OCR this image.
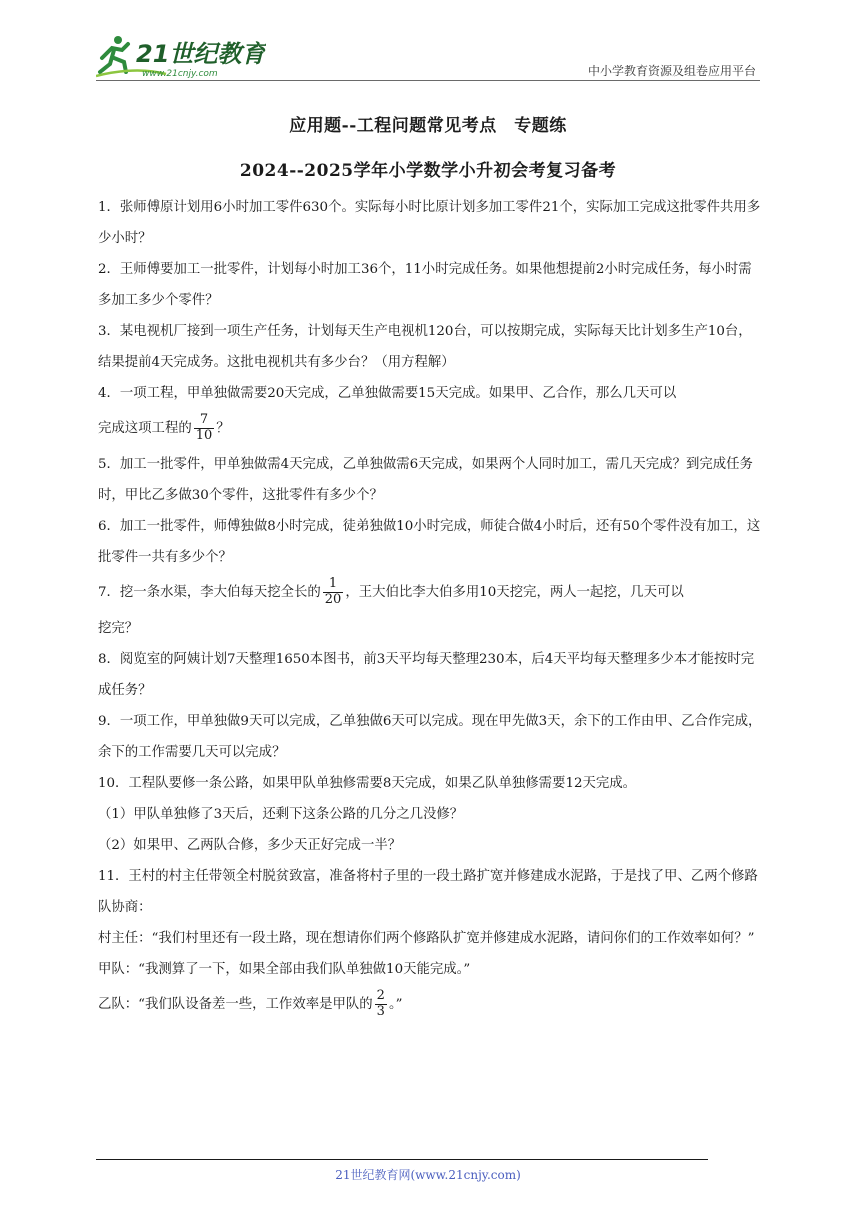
21世纪教育
www.21cnjy.com	中小学教育资源及组卷应用平台
应用题--工程问题常见考点　专题练
2024--2025学年小学数学小升初会考复习备考

1．张师傅原计划用6小时加工零件630个。实际每小时比原计划多加工零件21个，实际加工完成这批零件共用多少小时？

2．王师傅要加工一批零件，计划每小时加工36个，11小时完成任务。如果他想提前2小时完成任务，每小时需多加工多少个零件？

3．某电视机厂接到一项生产任务，计划每天生产电视机120台，可以按期完成，实际每天比计划多生产10台，结果提前4天完成务。这批电视机共有多少台？（用方程解）

4．一项工程，甲单独做需要20天完成，乙单独做需要15天完成。如果甲、乙合作，那么几天可以
完成这项工程的 $\frac{7}{10}$ ？

5．加工一批零件，甲单独做需4天完成，乙单独做需6天完成，如果两个人同时加工，需几天完成？到完成任务时，甲比乙多做30个零件，这批零件有多少个？

6．加工一批零件，师傅独做8小时完成，徒弟独做10小时完成，师徒合做4小时后，还有50个零件没有加工，这批零件一共有多少个？

7．挖一条水渠，李大伯每天挖全长的 $\frac{1}{20}$ ，王大伯比李大伯多用10天挖完，两人一起挖，几天可以
挖完？

8．阅览室的阿姨计划7天整理1650本图书，前3天平均每天整理230本，后4天平均每天整理多少本才能按时完成任务？

9．一项工作，甲单独做9天可以完成，乙单独做6天可以完成。现在甲先做3天，余下的工作由甲、乙合作完成，余下的工作需要几天可以完成？

10．工程队要修一条公路，如果甲队单独修需要8天完成，如果乙队单独修需要12天完成。

（1）甲队单独修了3天后，还剩下这条公路的几分之几没修？

（2）如果甲、乙两队合修，多少天正好完成一半？

11．王村的村主任带领全村脱贫致富，准备将村子里的一段土路扩宽并修建成水泥路，于是找了甲、乙两个修路队协商：

村主任：“我们村里还有一段土路，现在想请你们两个修路队扩宽并修建成水泥路，请问你们的工作效率如何？”

甲队：“我测算了一下，如果全部由我们队单独做10天能完成。”

乙队：“我们队设备差一些，工作效率是甲队的 $\frac{2}{3}$ 。”

21世纪教育网(www.21cnjy.com)
